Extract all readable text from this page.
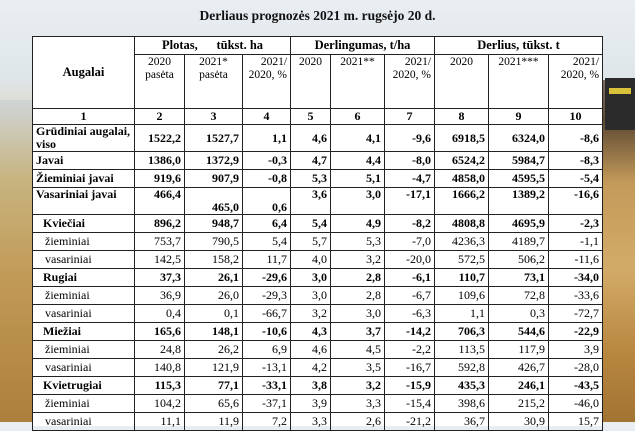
Derliaus prognozės 2021 m. rugsėjo 20 d.
Augalai	Plotas,      tūkst. ha			Derlingumas, t/ha			Derlius, tūkst. t		
	2020 pasėta	2021* pasėta	2021/ 2020, %	2020	2021**	2021/ 2020, %	2020	2021***	2021/ 2020, %
1	2	3	4	5	6	7	8	9	10
Grūdiniai augalai, viso	1522,2	1527,7	1,1	4,6	4,1	-9,6	6918,5	6324,0	-8,6
Javai	1386,0	1372,9	-0,3	4,7	4,4	-8,0	6524,2	5984,7	-8,3
Žieminiai javai	919,6	907,9	-0,8	5,3	5,1	-4,7	4858,0	4595,5	-5,4
Vasariniai javai	466,4	465,0	0,6	3,6	3,0	-17,1	1666,2	1389,2	-16,6
Kviečiai	896,2	948,7	6,4	5,4	4,9	-8,2	4808,8	4695,9	-2,3
žieminiai	753,7	790,5	5,4	5,7	5,3	-7,0	4236,3	4189,7	-1,1
vasariniai	142,5	158,2	11,7	4,0	3,2	-20,0	572,5	506,2	-11,6
Rugiai	37,3	26,1	-29,6	3,0	2,8	-6,1	110,7	73,1	-34,0
žieminiai	36,9	26,0	-29,3	3,0	2,8	-6,7	109,6	72,8	-33,6
vasariniai	0,4	0,1	-66,7	3,2	3,0	-6,3	1,1	0,3	-72,7
Miežiai	165,6	148,1	-10,6	4,3	3,7	-14,2	706,3	544,6	-22,9
žieminiai	24,8	26,2	6,9	4,6	4,5	-2,2	113,5	117,9	3,9
vasariniai	140,8	121,9	-13,1	4,2	3,5	-16,7	592,8	426,7	-28,0
Kvietrugiai	115,3	77,1	-33,1	3,8	3,2	-15,9	435,3	246,1	-43,5
žieminiai	104,2	65,6	-37,1	3,9	3,3	-15,4	398,6	215,2	-46,0
vasariniai	11,1	11,9	7,2	3,3	2,6	-21,2	36,7	30,9	15,7
